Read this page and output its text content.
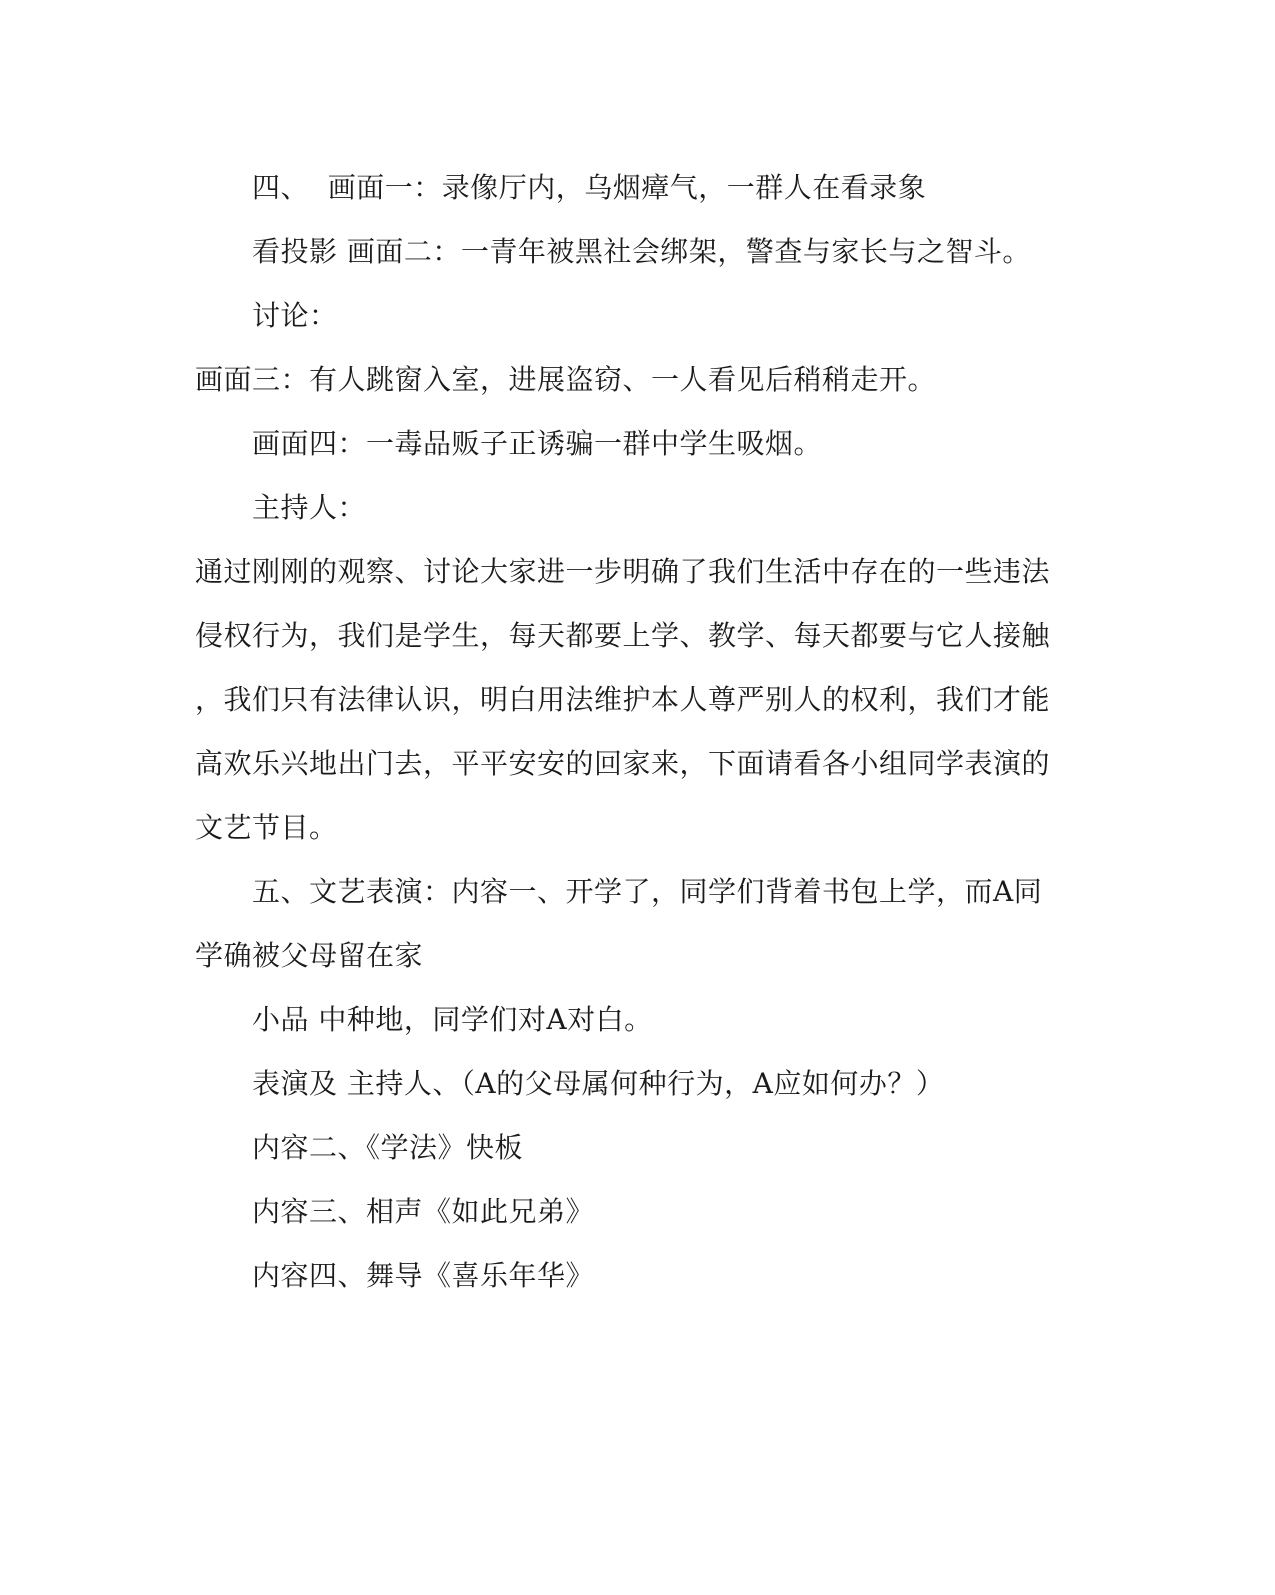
四、  画面一：录像厅内，乌烟瘴气，一群人在看录象
看投影 画面二：一青年被黑社会绑架，警查与家长与之智斗。
讨论：
画面三：有人跳窗入室，进展盗窃、一人看见后稍稍走开。
画面四：一毒品贩子正诱骗一群中学生吸烟。
主持人：
通过刚刚的观察、讨论大家进一步明确了我们生活中存在的一些违法
侵权行为，我们是学生，每天都要上学、教学、每天都要与它人接触
，我们只有法律认识，明白用法维护本人尊严别人的权利，我们才能
高欢乐兴地出门去，平平安安的回家来，下面请看各小组同学表演的
文艺节目。
五、文艺表演：内容一、开学了，同学们背着书包上学，而A同
学确被父母留在家
小品 中种地，同学们对A对白。
表演及 主持人、（A的父母属何种行为，A应如何办？）
内容二、《学法》快板
内容三、相声《如此兄弟》
内容四、舞导《喜乐年华》
